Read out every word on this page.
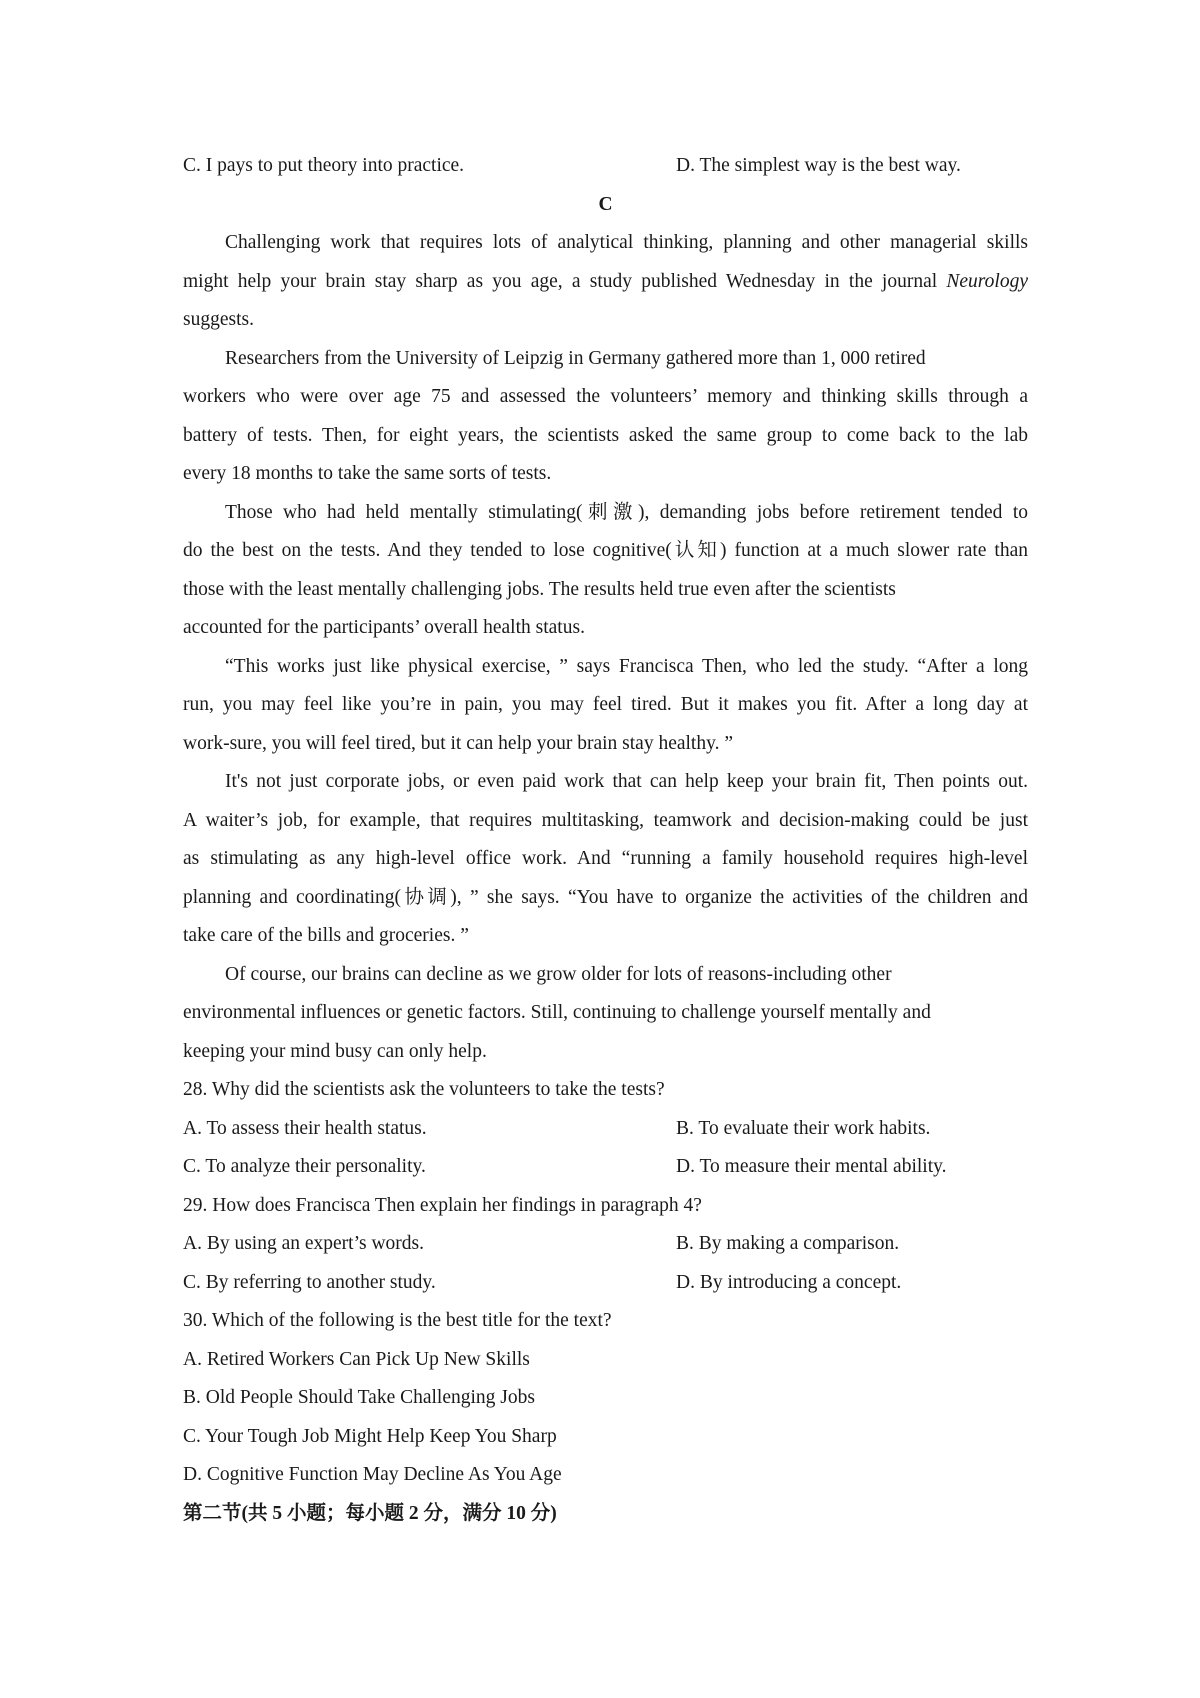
C. I pays to put theory into practice.	D. The simplest way is the best way.
C
Challenging work that requires lots of analytical thinking, planning and other managerial skills
might help your brain stay sharp as you age, a study published Wednesday in the journal Neurology
suggests.
Researchers from the University of Leipzig in Germany gathered more than 1, 000 retired
workers who were over age 75 and assessed the volunteers’ memory and thinking skills through a
battery of tests. Then, for eight years, the scientists asked the same group to come back to the lab
every 18 months to take the same sorts of tests.
Those who had held mentally stimulating(刺激), demanding jobs before retirement tended to
do the best on the tests. And they tended to lose cognitive(认知) function at a much slower rate than
those with the least mentally challenging jobs. The results held true even after the scientists
accounted for the participants’ overall health status.
“This works just like physical exercise, ” says Francisca Then, who led the study. “After a long
run, you may feel like you’re in pain, you may feel tired. But it makes you fit. After a long day at
work-sure, you will feel tired, but it can help your brain stay healthy. ”
It's not just corporate jobs, or even paid work that can help keep your brain fit, Then points out.
A waiter’s job, for example, that requires multitasking, teamwork and decision-making could be just
as stimulating as any high-level office work. And “running a family household requires high-level
planning and coordinating(协调), ” she says. “You have to organize the activities of the children and
take care of the bills and groceries. ”
Of course, our brains can decline as we grow older for lots of reasons-including other
environmental influences or genetic factors. Still, continuing to challenge yourself mentally and
keeping your mind busy can only help.
28. Why did the scientists ask the volunteers to take the tests?
A. To assess their health status.	B. To evaluate their work habits.
C. To analyze their personality.	D. To measure their mental ability.
29. How does Francisca Then explain her findings in paragraph 4?
A. By using an expert’s words.	B. By making a comparison.
C. By referring to another study.	D. By introducing a concept.
30. Which of the following is the best title for the text?
A. Retired Workers Can Pick Up New Skills
B. Old People Should Take Challenging Jobs
C. Your Tough Job Might Help Keep You Sharp
D. Cognitive Function May Decline As You Age
第二节(共 5 小题；每小题 2 分，满分 10 分)
